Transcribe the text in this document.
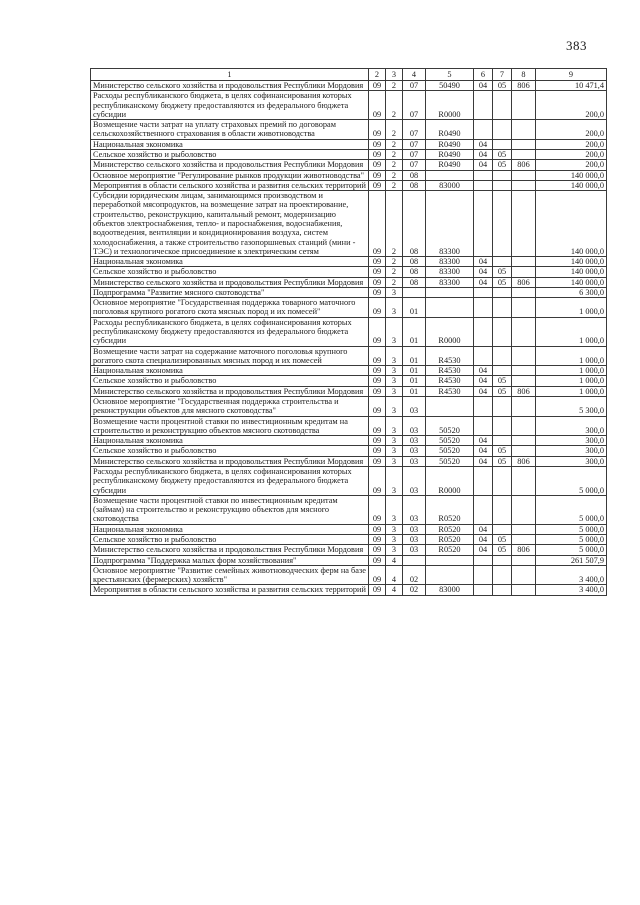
383
1	2	3	4	5	6	7	8	9
Министерство сельского хозяйства и продовольствия Республики Мордовия	09	2	07	50490	04	05	806	10 471,4
Расходы республиканского бюджета, в целях софинансирования которых республиканскому бюджету предоставляются из федерального бюджета субсидии	09	2	07	R0000				200,0
Возмещение части затрат на уплату страховых премий по договорам сельскохозяйственного страхования в области животноводства	09	2	07	R0490				200,0
Национальная экономика	09	2	07	R0490	04			200,0
Сельское хозяйство и рыболовство	09	2	07	R0490	04	05		200,0
Министерство сельского хозяйства и продовольствия Республики Мордовия	09	2	07	R0490	04	05	806	200,0
Основное мероприятие "Регулирование рынков продукции животноводства"	09	2	08					140 000,0
Мероприятия в области сельского хозяйства и развития сельских территорий	09	2	08	83000				140 000,0
Субсидии юридическим лицам, занимающимся производством и переработкой мясопродуктов, на возмещение затрат на проектирование, строительство, реконструкцию, капитальный ремонт, модернизацию объектов электроснабжения, тепло- и пароснабжения, водоснабжения, водоотведения, вентиляции и кондиционирования воздуха, систем холодоснабжения, а также строительство газопоршневых станций (мини - ТЭС) и технологическое присоединение к электрическим сетям	09	2	08	83300				140 000,0
Национальная экономика	09	2	08	83300	04			140 000,0
Сельское хозяйство и рыболовство	09	2	08	83300	04	05		140 000,0
Министерство сельского хозяйства и продовольствия Республики Мордовия	09	2	08	83300	04	05	806	140 000,0
Подпрограмма "Развитие мясного скотоводства"	09	3						6 300,0
Основное мероприятие "Государственная поддержка товарного маточного поголовья крупного рогатого скота мясных пород и их помесей"	09	3	01					1 000,0
Расходы республиканского бюджета, в целях софинансирования которых республиканскому бюджету предоставляются из федерального бюджета субсидии	09	3	01	R0000				1 000,0
Возмещение части затрат на содержание маточного поголовья крупного рогатого скота специализированных мясных пород и их помесей	09	3	01	R4530				1 000,0
Национальная экономика	09	3	01	R4530	04			1 000,0
Сельское хозяйство и рыболовство	09	3	01	R4530	04	05		1 000,0
Министерство сельского хозяйства и продовольствия Республики Мордовия	09	3	01	R4530	04	05	806	1 000,0
Основное мероприятие "Государственная поддержка строительства и реконструкции объектов для мясного скотоводства"	09	3	03					5 300,0
Возмещение части процентной ставки по инвестиционным кредитам на строительство и реконструкцию объектов мясного скотоводства	09	3	03	50520				300,0
Национальная экономика	09	3	03	50520	04			300,0
Сельское хозяйство и рыболовство	09	3	03	50520	04	05		300,0
Министерство сельского хозяйства и продовольствия Республики Мордовия	09	3	03	50520	04	05	806	300,0
Расходы республиканского бюджета, в целях софинансирования которых республиканскому бюджету предоставляются из федерального бюджета субсидии	09	3	03	R0000				5 000,0
Возмещение части процентной ставки по инвестиционным кредитам (займам) на строительство и реконструкцию объектов для мясного скотоводства	09	3	03	R0520				5 000,0
Национальная экономика	09	3	03	R0520	04			5 000,0
Сельское хозяйство и рыболовство	09	3	03	R0520	04	05		5 000,0
Министерство сельского хозяйства и продовольствия Республики Мордовия	09	3	03	R0520	04	05	806	5 000,0
Подпрограмма "Поддержка малых форм хозяйствования"	09	4						261 507,9
Основное мероприятие "Развитие семейных животноводческих ферм на базе крестьянских (фермерских) хозяйств"	09	4	02					3 400,0
Мероприятия в области сельского хозяйства и развития сельских территорий	09	4	02	83000				3 400,0
